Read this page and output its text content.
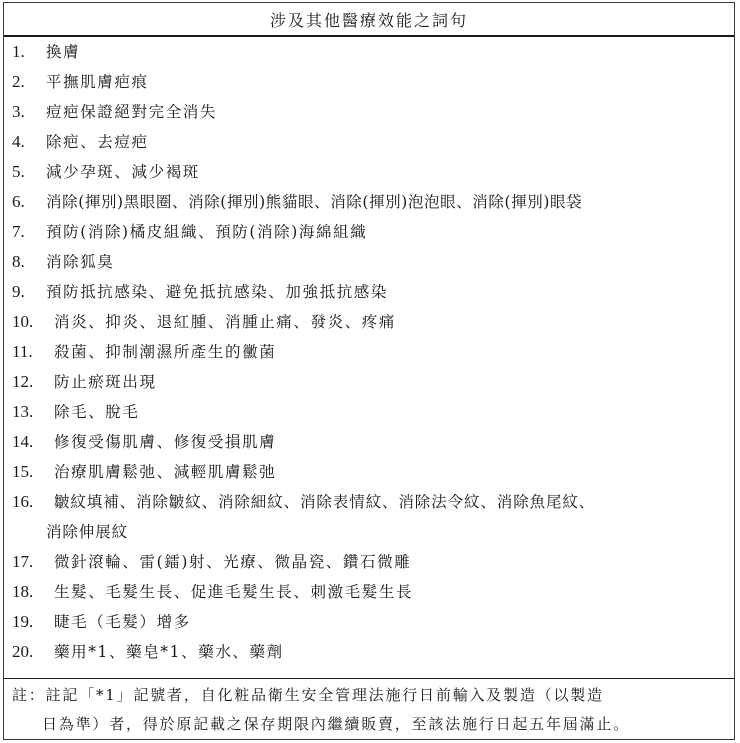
涉及其他醫療效能之詞句
1. 換膚
2. 平撫肌膚疤痕
3. 痘疤保證絕對完全消失
4. 除疤、去痘疤
5. 減少孕斑、減少褐斑
6. 消除(揮別)黑眼圈、消除(揮別)熊貓眼、消除(揮別)泡泡眼、消除(揮別)眼袋
7. 預防(消除)橘皮組織、預防(消除)海綿組織
8. 消除狐臭
9. 預防抵抗感染、避免抵抗感染、加強抵抗感染
10. 消炎、抑炎、退紅腫、消腫止痛、發炎、疼痛
11. 殺菌、抑制潮濕所產生的黴菌
12. 防止瘀斑出現
13. 除毛、脫毛
14. 修復受傷肌膚、修復受損肌膚
15. 治療肌膚鬆弛、減輕肌膚鬆弛
16. 皺紋填補、消除皺紋、消除細紋、消除表情紋、消除法令紋、消除魚尾紋、
消除伸展紋
17. 微針滾輪、雷(鐳)射、光療、微晶瓷、鑽石微雕
18. 生髮、毛髮生長、促進毛髮生長、刺激毛髮生長
19. 睫毛（毛髮）增多
20. 藥用*1、藥皂*1、藥水、藥劑
註：註記「*1」記號者，自化粧品衛生安全管理法施行日前輸入及製造（以製造
日為準）者，得於原記載之保存期限內繼續販賣，至該法施行日起五年屆滿止。
